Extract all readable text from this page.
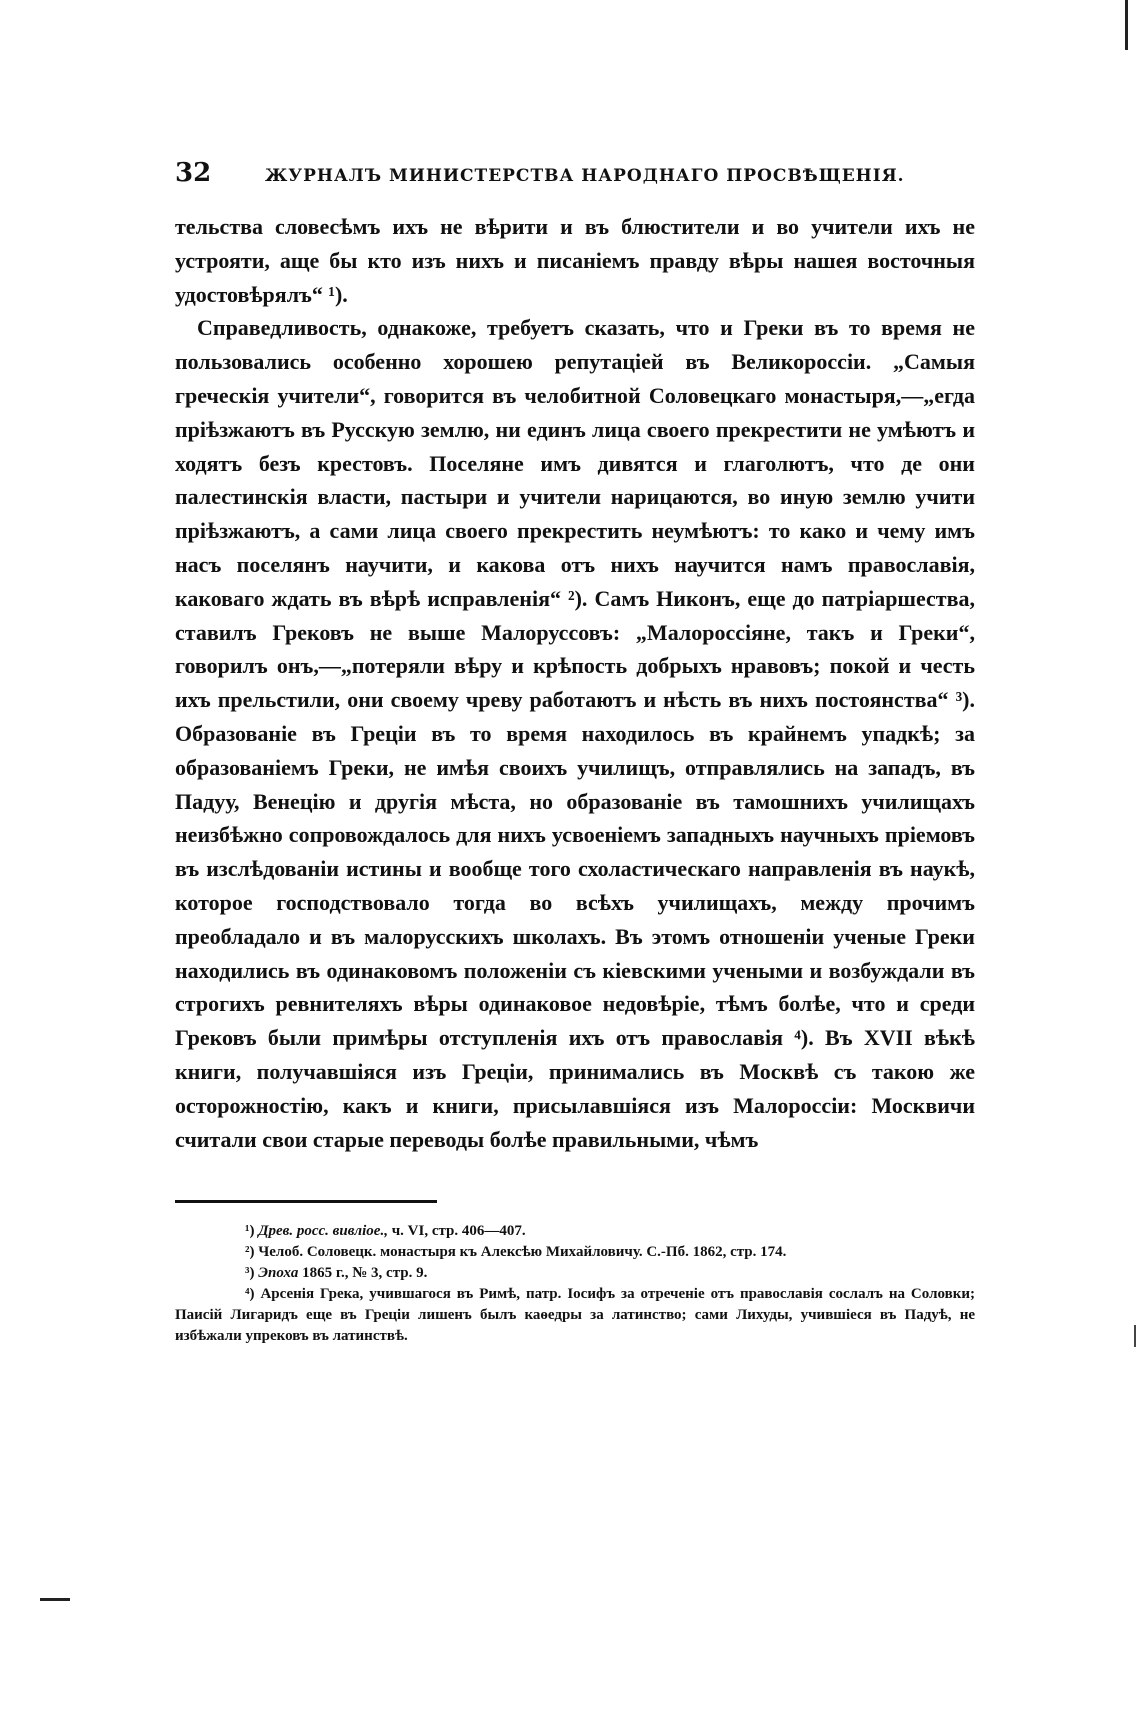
32	ЖУРНАЛЪ МИНИСТЕРСТВА НАРОДНАГО ПРОСВѢЩЕНІЯ.

тельства словесѣмъ ихъ не вѣрити и въ блюстители и во учители ихъ не устрояти, аще бы кто изъ нихъ и писаніемъ правду вѣры нашея восточныя удостовѣрялъ“ ¹).

Справедливость, однакоже, требуетъ сказать, что и Греки въ то время не пользовались особенно хорошею репутаціей въ Великороссіи. „Самыя греческія учители“, говорится въ челобитной Соловецкаго монастыря,—„егда пріѣзжаютъ въ Русскую землю, ни единъ лица своего прекрестити не умѣютъ и ходятъ безъ крестовъ. Поселяне имъ дивятся и глаголютъ, что де они палестинскія власти, пастыри и учители нарицаются, во иную землю учити пріѣзжаютъ, а сами лица своего прекрестить неумѣютъ: то како и чему имъ насъ поселянъ научити, и какова отъ нихъ научится намъ православія, каковаго ждать въ вѣрѣ исправленія“ ²). Самъ Никонъ, еще до патріаршества, ставилъ Грековъ не выше Малоруссовъ: „Малороссіяне, такъ и Греки“, говорилъ онъ,—„потеряли вѣру и крѣпость добрыхъ нравовъ; покой и честь ихъ прельстили, они своему чреву работаютъ и нѣсть въ нихъ постоянства“ ³). Образованіе въ Греціи въ то время находилось въ крайнемъ упадкѣ; за образованіемъ Греки, не имѣя своихъ училищъ, отправлялись на западъ, въ Падуу, Венецію и другія мѣста, но образованіе въ тамошнихъ училищахъ неизбѣжно сопровождалось для нихъ усвоеніемъ западныхъ научныхъ пріемовъ въ изслѣдованіи истины и вообще того схоластическаго направленія въ наукѣ, которое господствовало тогда во всѣхъ училищахъ, между прочимъ преобладало и въ малорусскихъ школахъ. Въ этомъ отношеніи ученые Греки находились въ одинаковомъ положеніи съ кіевскими учеными и возбуждали въ строгихъ ревнителяхъ вѣры одинаковое недовѣріе, тѣмъ болѣе, что и среди Грековъ были примѣры отступленія ихъ отъ православія ⁴). Въ XVII вѣкѣ книги, получавшіяся изъ Греціи, принимались въ Москвѣ съ такою же осторожностію, какъ и книги, присылавшіяся изъ Малороссіи: Москвичи считали свои старые переводы болѣе правильными, чѣмъ

¹) Древ. росс. вивліое., ч. VI, стр. 406—407.

²) Челоб. Соловецк. монастыря къ Алексѣю Михайловичу. С.-Пб. 1862, стр. 174.

³) Эпоха 1865 г., № 3, стр. 9.

⁴) Арсенія Грека, учившагося въ Римѣ, патр. Іосифъ за отреченіе отъ православія сослалъ на Соловки; Паисій Лигаридъ еще въ Греціи лишенъ былъ каѳедры за латинство; сами Лихуды, учившіеся въ Падуѣ, не избѣжали упрековъ въ латинствѣ.
